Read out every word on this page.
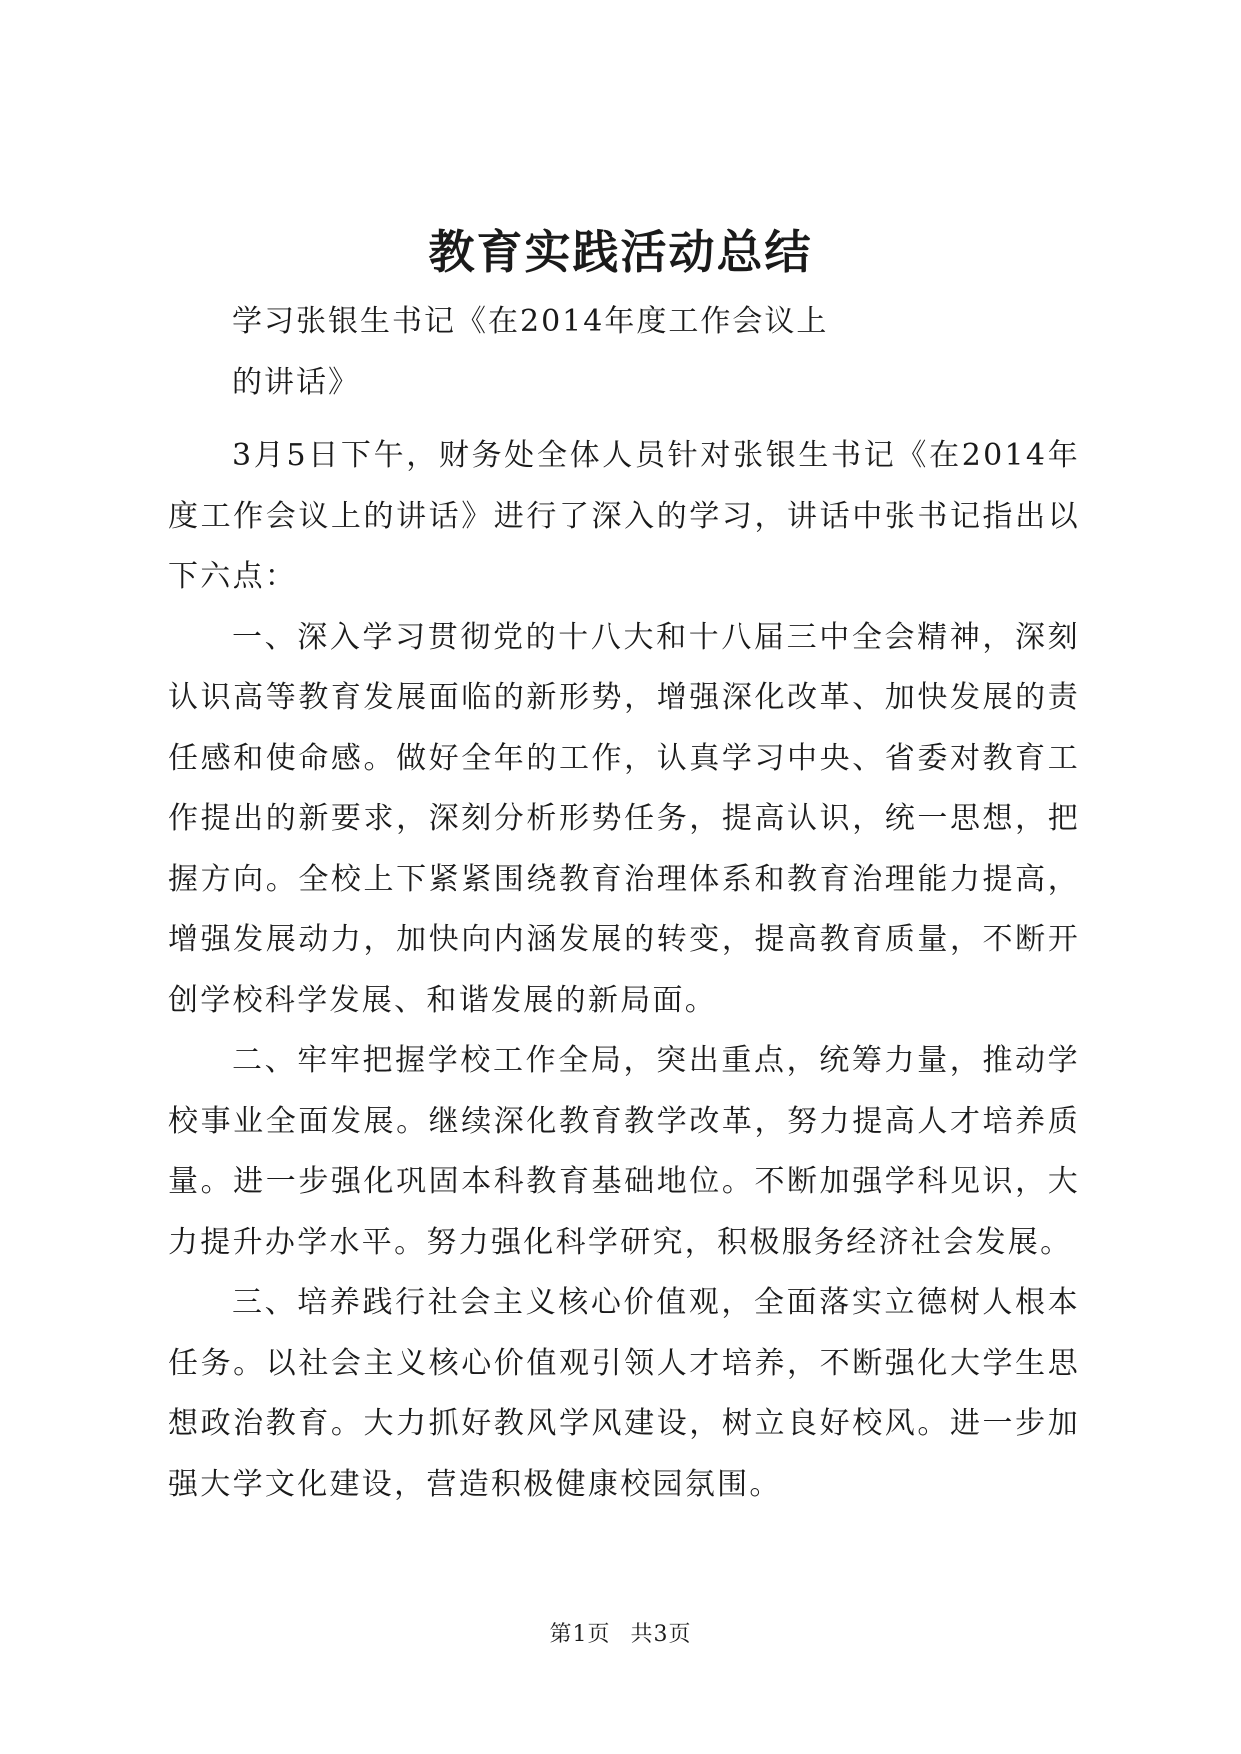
教育实践活动总结

学习张银生书记《在2014年度工作会议上

的讲话》

3月5日下午，财务处全体人员针对张银生书记《在2014年度工作会议上的讲话》进行了深入的学习，讲话中张书记指出以下六点：

一、深入学习贯彻党的十八大和十八届三中全会精神，深刻认识高等教育发展面临的新形势，增强深化改革、加快发展的责任感和使命感。做好全年的工作，认真学习中央、省委对教育工作提出的新要求，深刻分析形势任务，提高认识，统一思想，把握方向。全校上下紧紧围绕教育治理体系和教育治理能力提高，增强发展动力，加快向内涵发展的转变，提高教育质量，不断开创学校科学发展、和谐发展的新局面。

二、牢牢把握学校工作全局，突出重点，统筹力量，推动学校事业全面发展。继续深化教育教学改革，努力提高人才培养质量。进一步强化巩固本科教育基础地位。不断加强学科见识，大力提升办学水平。努力强化科学研究，积极服务经济社会发展。

三、培养践行社会主义核心价值观，全面落实立德树人根本任务。以社会主义核心价值观引领人才培养，不断强化大学生思想政治教育。大力抓好教风学风建设，树立良好校风。进一步加强大学文化建设，营造积极健康校园氛围。

第1页 共3页
